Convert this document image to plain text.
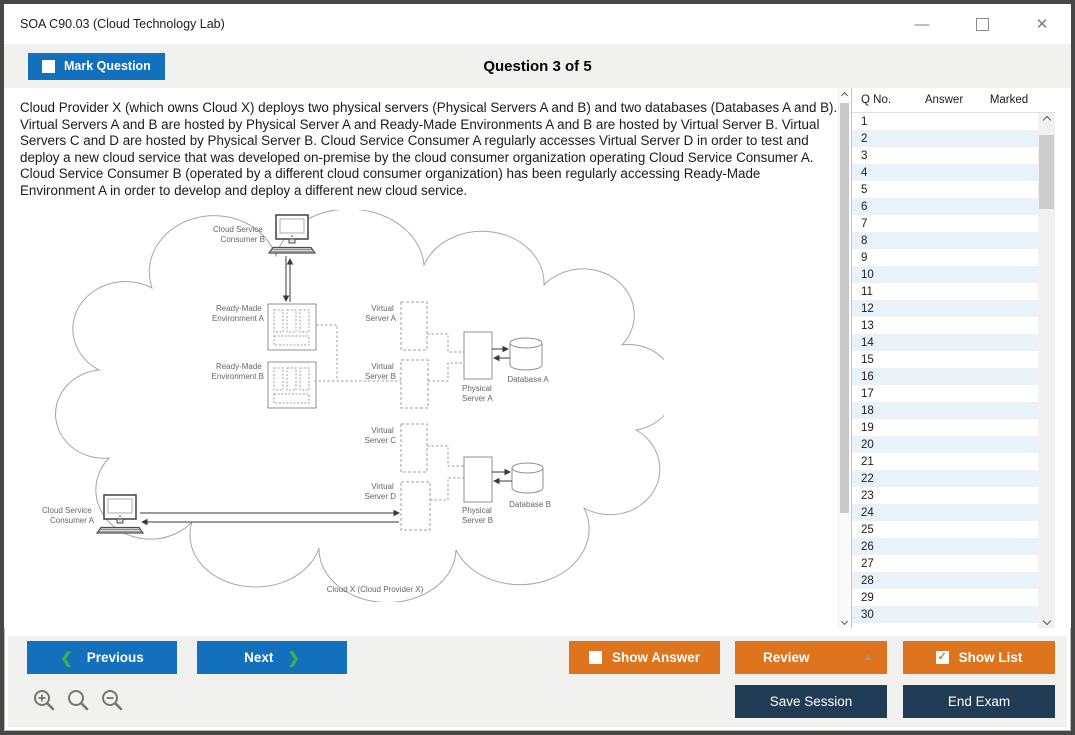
SOA C90.03 (Cloud Technology Lab)	—	✕
Mark Question	Question 3 of 5
Cloud Provider X (which owns Cloud X) deploys two physical servers (Physical Servers A and B) and two databases (Databases A and B). Virtual Servers A and B are hosted by Physical Server A and Ready-Made Environments A and B are hosted by Virtual Server B. Virtual Servers C and D are hosted by Physical Server B. Cloud Service Consumer A regularly accesses Virtual Server D in order to test and deploy a new cloud service that was developed on-premise by the cloud consumer organization operating Cloud Service Consumer A. Cloud Service Consumer B (operated by a different cloud consumer organization) has been regularly accessing Ready-Made Environment A in order to develop and deploy a different new cloud service.
Cloud Service Consumer B
Ready-Made Environment A
Ready-Made Environment B
Virtual Server A
Virtual Server B
Virtual Server C
Virtual Server D
Physical Server A
Database A
Physical Server B
Database B
Cloud Service Consumer A
Cloud X (Cloud Provider X)
Q No.	Answer	Marked
1
2
3
4
5
6
7
8
9
10
11
12
13
14
15
16
17
18
19
20
21
22
23
24
25
26
27
28
29
30
❮ Previous	Next ❯	Show Answer	Review	▲	✓ Show List
Save Session	End Exam
